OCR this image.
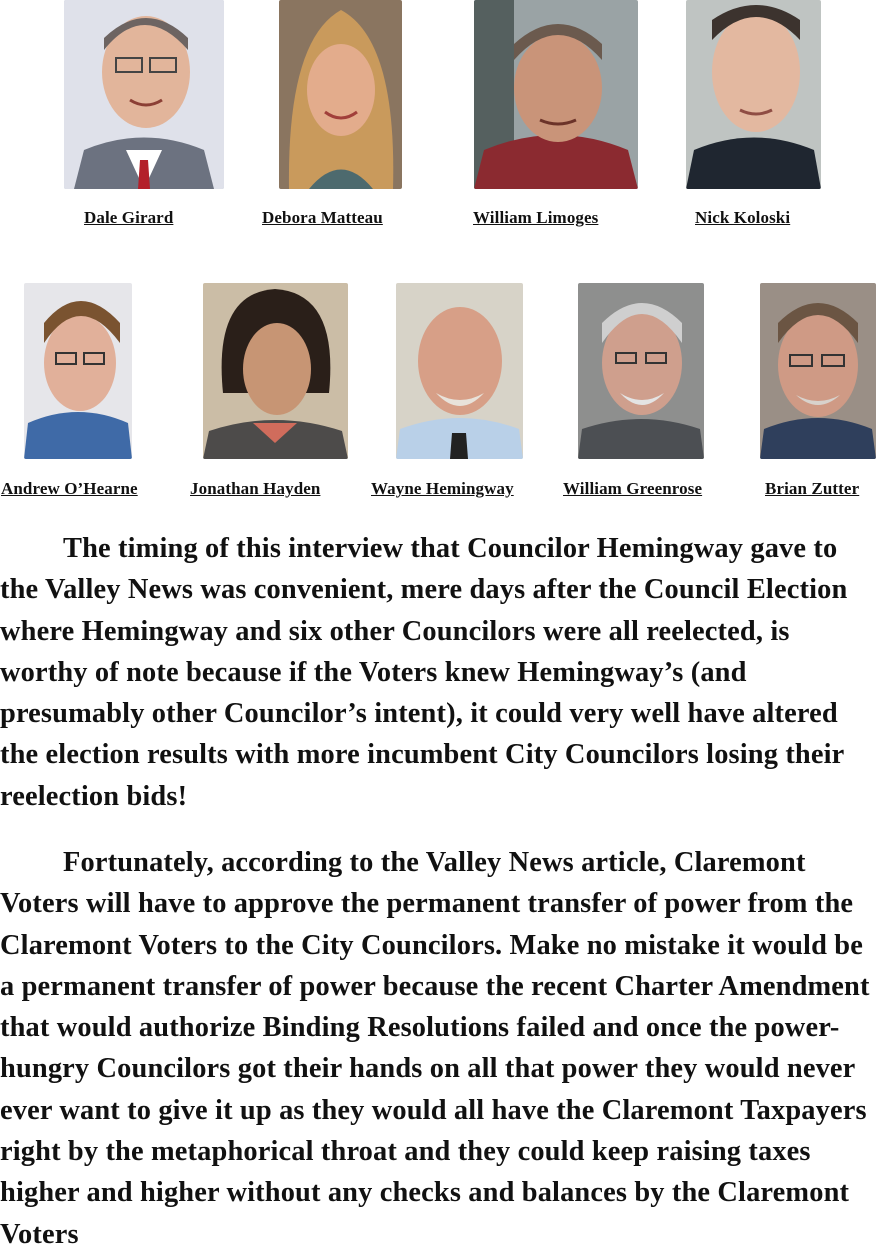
Dale Girard	Debora Matteau	William Limoges	Nick Koloski
Andrew O’Hearne	Jonathan Hayden	Wayne Hemingway	William Greenrose	Brian Zutter

The timing of this interview that Councilor Hemingway gave to the Valley News was convenient, mere days after the Council Election where Hemingway and six other Councilors were all reelected, is worthy of note because if the Voters knew Hemingway’s (and presumably other Councilor’s intent), it could very well have altered the election results with more incumbent City Councilors losing their reelection bids!

Fortunately, according to the Valley News article, Claremont Voters will have to approve the permanent transfer of power from the Claremont Voters to the City Councilors. Make no mistake it would be a permanent transfer of power because the recent Charter Amendment that would authorize Binding Resolutions failed and once the power-hungry Councilors got their hands on all that power they would never ever want to give it up as they would all have the Claremont Taxpayers right by the metaphorical throat and they could keep raising taxes higher and higher without any checks and balances by the Claremont Voters
